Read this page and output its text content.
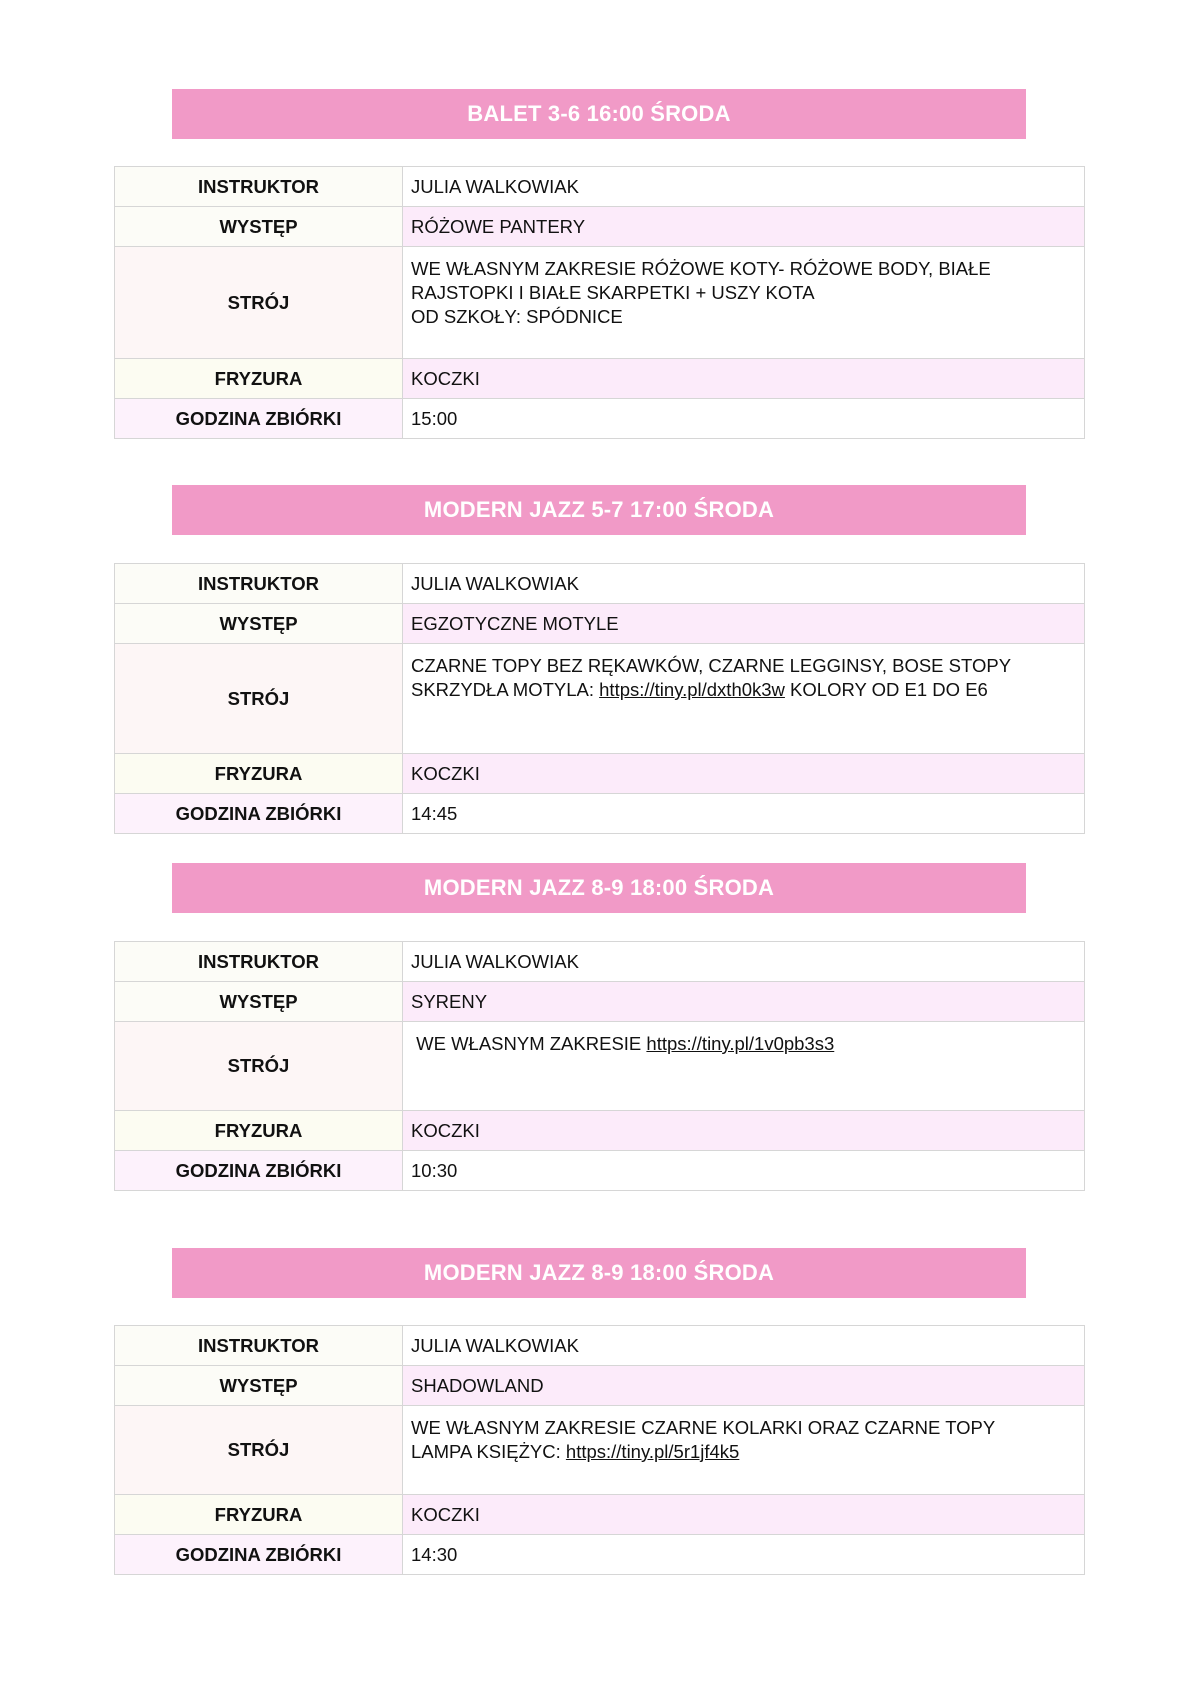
BALET 3-6 16:00 ŚRODA
INSTRUKTOR	JULIA WALKOWIAK
WYSTĘP	RÓŻOWE PANTERY
STRÓJ	WE WŁASNYM ZAKRESIE RÓŻOWE KOTY- RÓŻOWE BODY, BIAŁE
RAJSTOPKI I BIAŁE SKARPETKI + USZY KOTA
OD SZKOŁY: SPÓDNICE

FRYZURA	KOCZKI
GODZINA ZBIÓRKI	15:00
MODERN JAZZ 5-7 17:00 ŚRODA
INSTRUKTOR	JULIA WALKOWIAK
WYSTĘP	EGZOTYCZNE MOTYLE
STRÓJ	CZARNE TOPY BEZ RĘKAWKÓW, CZARNE LEGGINSY, BOSE STOPY
SKRZYDŁA MOTYLA: https://tiny.pl/dxth0k3w KOLORY OD E1 DO E6

FRYZURA	KOCZKI
GODZINA ZBIÓRKI	14:45
MODERN JAZZ 8-9 18:00 ŚRODA
INSTRUKTOR	JULIA WALKOWIAK
WYSTĘP	SYRENY
STRÓJ	WE WŁASNYM ZAKRESIE https://tiny.pl/1v0pb3s3

FRYZURA	KOCZKI
GODZINA ZBIÓRKI	10:30
MODERN JAZZ 8-9 18:00 ŚRODA
INSTRUKTOR	JULIA WALKOWIAK
WYSTĘP	SHADOWLAND
STRÓJ	WE WŁASNYM ZAKRESIE CZARNE KOLARKI ORAZ CZARNE TOPY
LAMPA KSIĘŻYC: https://tiny.pl/5r1jf4k5

FRYZURA	KOCZKI
GODZINA ZBIÓRKI	14:30
